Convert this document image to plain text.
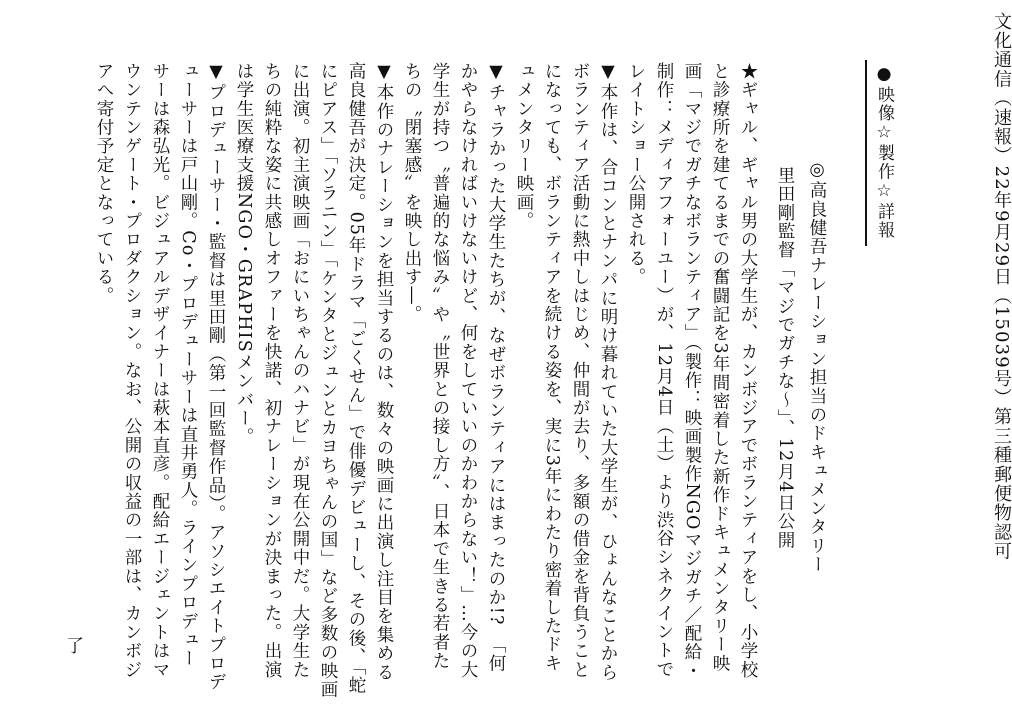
文化通信（速報）22年9月29日（15039号）第三種郵便物認可
●映像☆製作☆詳報
◎高良健吾ナレーション担当のドキュメンタリー
里田剛監督「マジでガチな〜」、12月4日公開
★ギャル、ギャル男の大学生が、カンボジアでボランティアをし、小学校
と診療所を建てるまでの奮闘記を3年間密着した新作ドキュメンタリー映
画「マジでガチなボランティア」（製作：映画製作NGOマジガチ／配給・
制作：メディアフォーユー）が、12月4日（土）より渋谷シネクイントで
レイトショー公開される。
▼本作は、合コンとナンパに明け暮れていた大学生が、ひょんなことから
ボランティア活動に熱中しはじめ、仲間が去り、多額の借金を背負うこと
になっても、ボランティアを続ける姿を、実に3年にわたり密着したドキ
ュメンタリー映画。
▼チャラかった大学生たちが、なぜボランティアにはまったのか!?　「何
かやらなければいけないけど、何をしていいのかわからない！」…今の大
学生が持つ〝普遍的な悩み〟や〝世界との接し方〟、日本で生きる若者た
ちの〝閉塞感〟を映し出す―。
▼本作のナレーションを担当するのは、数々の映画に出演し注目を集める
高良健吾が決定。05年ドラマ「ごくせん」で俳優デビューし、その後、「蛇
にピアス」「ソラニン」「ケンタとジュンとカヨちゃんの国」など多数の映画
に出演。初主演映画「おにいちゃんのハナビ」が現在公開中だ。大学生た
ちの純粋な姿に共感しオファーを快諾、初ナレーションが決まった。出演
は学生医療支援NGO・GRAPHISメンバー。
▼プロデューサー・監督は里田剛（第一回監督作品）。アソシエイトプロデ
ューサーは戸山剛。Co・プロデューサーは直井勇人。ラインプロデュー
サーは森弘光。ビジュアルデザイナーは萩本直彦。配給エージェントはマ
ウンテンゲート・プロダクション。なお、公開の収益の一部は、カンボジ
アへ寄付予定となっている。
了
